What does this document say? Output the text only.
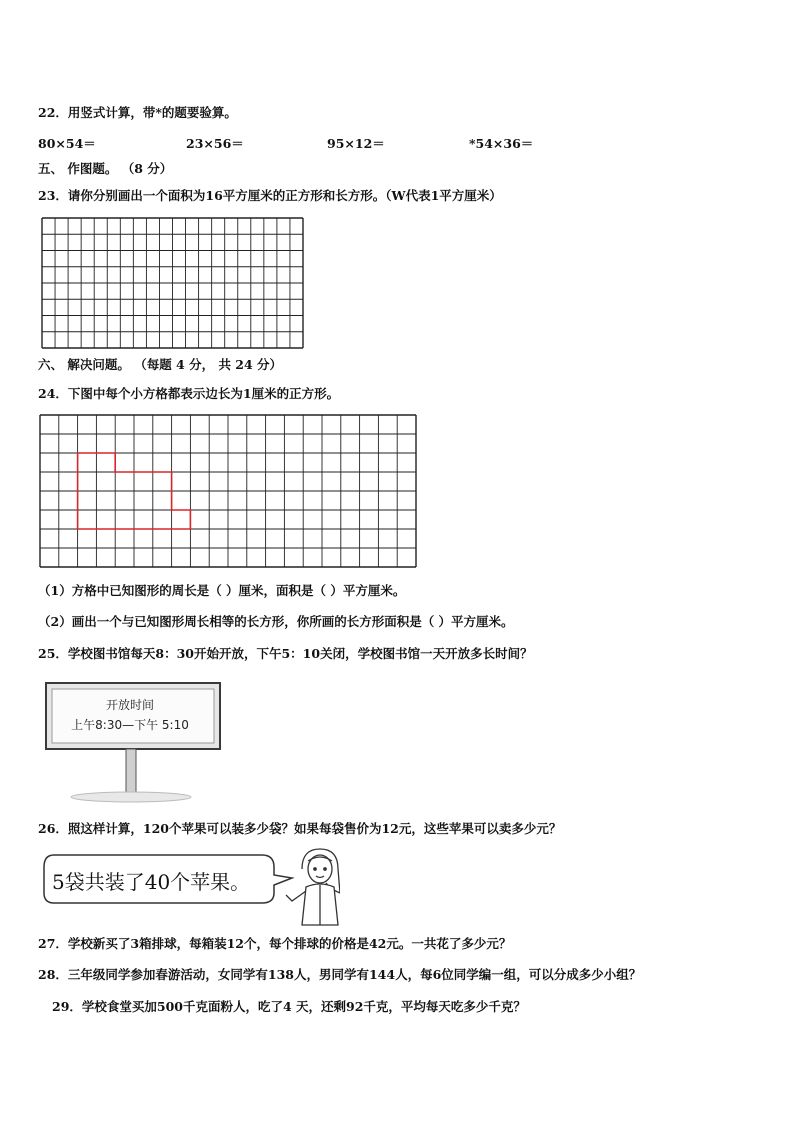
22．用竖式计算，带*的题要验算。
80×54＝	23×56＝	95×12＝	*54×36＝
五、 作图题。 （8 分）
23．请你分别画出一个面积为16平方厘米的正方形和长方形。（W代表1平方厘米）
六、 解决问题。 （每题 4 分， 共 24 分）
24．下图中每个小方格都表示边长为1厘米的正方形。
（1）方格中已知图形的周长是（ ）厘米，面积是（ ）平方厘米。
（2）画出一个与已知图形周长相等的长方形，你所画的长方形面积是（ ）平方厘米。
25．学校图书馆每天8：30开始开放，下午5：10关闭，学校图书馆一天开放多长时间？
开放时间
上午8:30—下午 5:10
26．照这样计算，120个苹果可以装多少袋？如果每袋售价为12元，这些苹果可以卖多少元？
5袋共装了40个苹果。
27．学校新买了3箱排球，每箱装12个，每个排球的价格是42元。一共花了多少元？
28．三年级同学参加春游活动，女同学有138人，男同学有144人，每6位同学编一组，可以分成多少小组？
29．学校食堂买加500千克面粉人，吃了4 天，还剩92千克，平均每天吃多少千克？
